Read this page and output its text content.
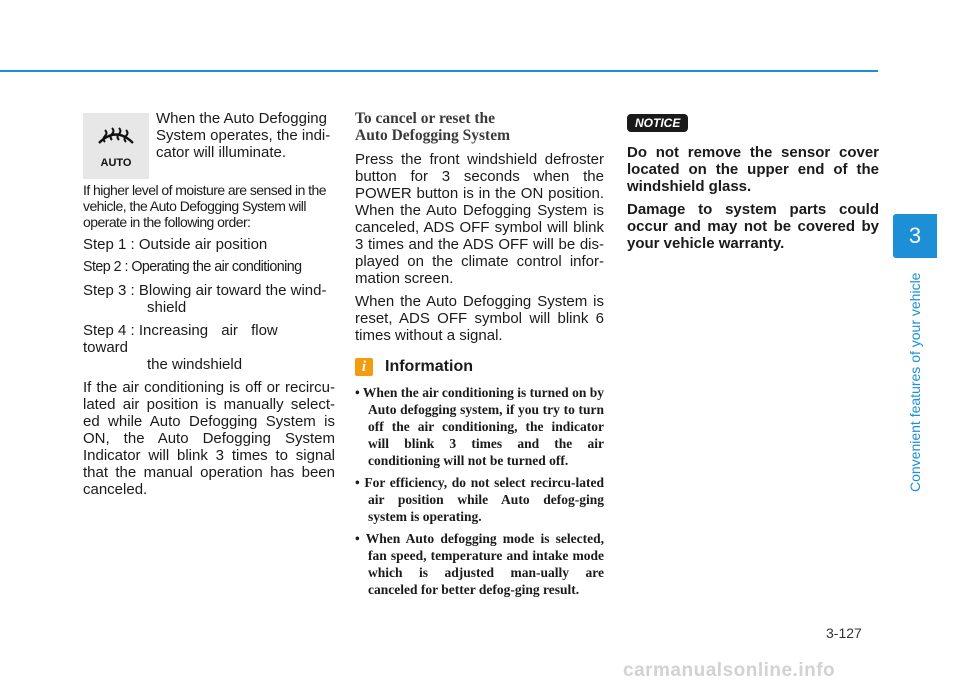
AUTO
When the Auto Defogging System operates, the indi-cator will illuminate.

If higher level of moisture are sensed in the vehicle, the Auto Defogging System will operate in the following order:

Step 1 : Outside air position
Step 2 : Operating the air conditioning
Step 3 : Blowing air toward the wind-
shield
Step 4 : Increasing air flow toward
the windshield

If the air conditioning is off or recircu-lated air position is manually select-ed while Auto Defogging System is ON, the Auto Defogging System Indicator will blink 3 times to signal that the manual operation has been canceled.

To cancel or reset the
Auto Defogging System

Press the front windshield defroster button for 3 seconds when the POWER button is in the ON position. When the Auto Defogging System is canceled, ADS OFF symbol will blink 3 times and the ADS OFF will be dis-played on the climate control infor-mation screen.

When the Auto Defogging System is reset, ADS OFF symbol will blink 6 times without a signal.

i	Information
• When the air conditioning is turned on by Auto defogging system, if you try to turn off the air conditioning, the indicator will blink 3 times and the air conditioning will not be turned off.
• For efficiency, do not select recircu-lated air position while Auto defog-ging system is operating.
• When Auto defogging mode is selected, fan speed, temperature and intake mode which is adjusted man-ually are canceled for better defog-ging result.
NOTICE

Do not remove the sensor cover located on the upper end of the windshield glass.

Damage to system parts could occur and may not be covered by your vehicle warranty.	3
Convenient features of your vehicle
3-127
carmanualsonline.info
